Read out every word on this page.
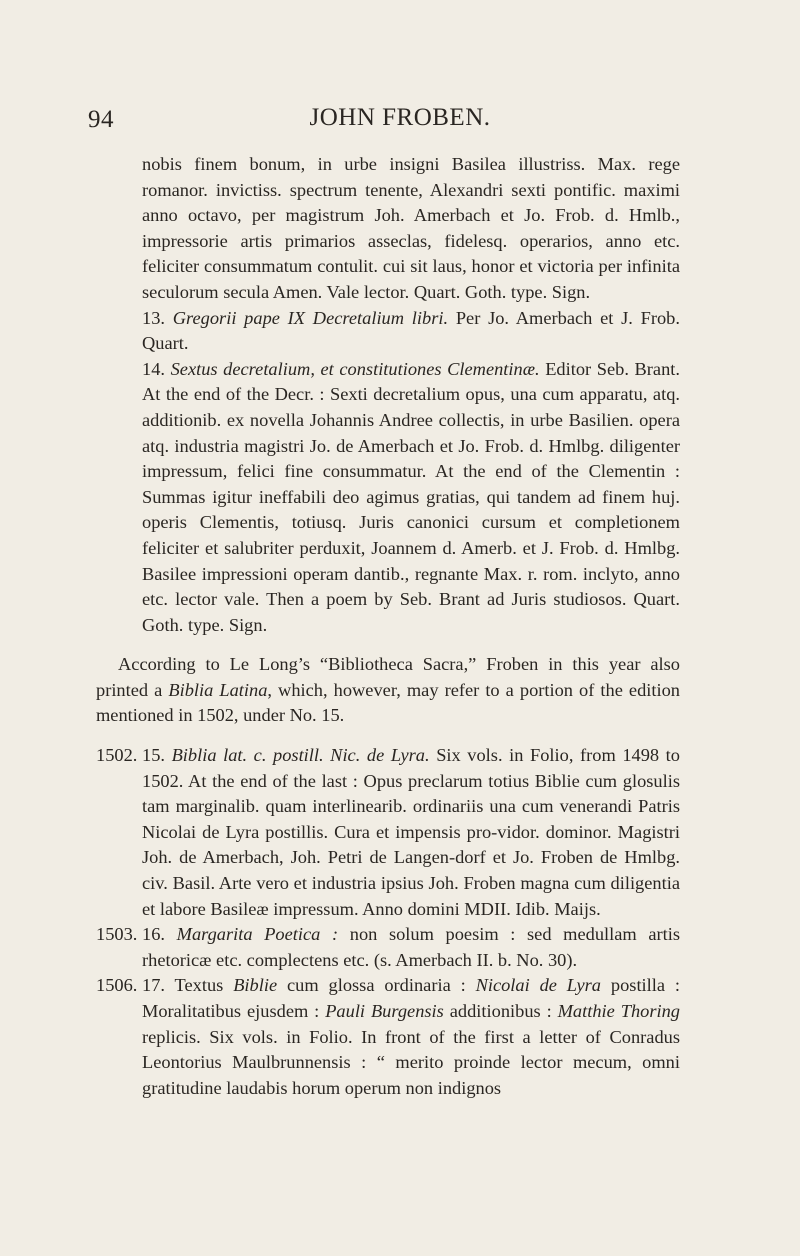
94	JOHN FROBEN.

nobis finem bonum, in urbe insigni Basilea illustriss. Max. rege romanor. invictiss. spectrum tenente, Alexandri sexti pontific. maximi anno octavo, per magistrum Joh. Amerbach et Jo. Frob. d. Hmlb., impressorie artis primarios asseclas, fidelesq. operarios, anno etc. feliciter consummatum contulit. cui sit laus, honor et victoria per infinita seculorum secula Amen. Vale lector. Quart. Goth. type. Sign.

13. Gregorii pape IX Decretalium libri. Per Jo. Amerbach et J. Frob. Quart.

14. Sextus decretalium, et constitutiones Clementinæ. Editor Seb. Brant. At the end of the Decr. : Sexti decretalium opus, una cum apparatu, atq. additionib. ex novella Johannis Andree collectis, in urbe Basilien. opera atq. industria magistri Jo. de Amerbach et Jo. Frob. d. Hmlbg. diligenter impressum, felici fine consummatur. At the end of the Clementin : Summas igitur ineffabili deo agimus gratias, qui tandem ad finem huj. operis Clementis, totiusq. Juris canonici cursum et completionem feliciter et salubriter perduxit, Joannem d. Amerb. et J. Frob. d. Hmlbg. Basilee impressioni operam dantib., regnante Max. r. rom. inclyto, anno etc. lector vale. Then a poem by Seb. Brant ad Juris studiosos. Quart. Goth. type. Sign.

According to Le Long’s “Bibliotheca Sacra,” Froben in this year also printed a Biblia Latina, which, however, may refer to a portion of the edition mentioned in 1502, under No. 15.

1502. 15. Biblia lat. c. postill. Nic. de Lyra. Six vols. in Folio, from 1498 to 1502. At the end of the last : Opus preclarum totius Biblie cum glosulis tam marginalib. quam interlinearib. ordinariis una cum venerandi Patris Nicolai de Lyra postillis. Cura et impensis pro-vidor. dominor. Magistri Joh. de Amerbach, Joh. Petri de Langen-dorf et Jo. Froben de Hmlbg. civ. Basil. Arte vero et industria ipsius Joh. Froben magna cum diligentia et labore Basileæ impressum. Anno domini MDII. Idib. Maijs.

1503. 16. Margarita Poetica : non solum poesim : sed medullam artis rhetoricæ etc. complectens etc. (s. Amerbach II. b. No. 30).

1506. 17. Textus Biblie cum glossa ordinaria : Nicolai de Lyra postilla : Moralitatibus ejusdem : Pauli Burgensis additionibus : Matthie Thoring replicis. Six vols. in Folio. In front of the first a letter of Conradus Leontorius Maulbrunnensis : “ merito proinde lector mecum, omni gratitudine laudabis horum operum non indignos
